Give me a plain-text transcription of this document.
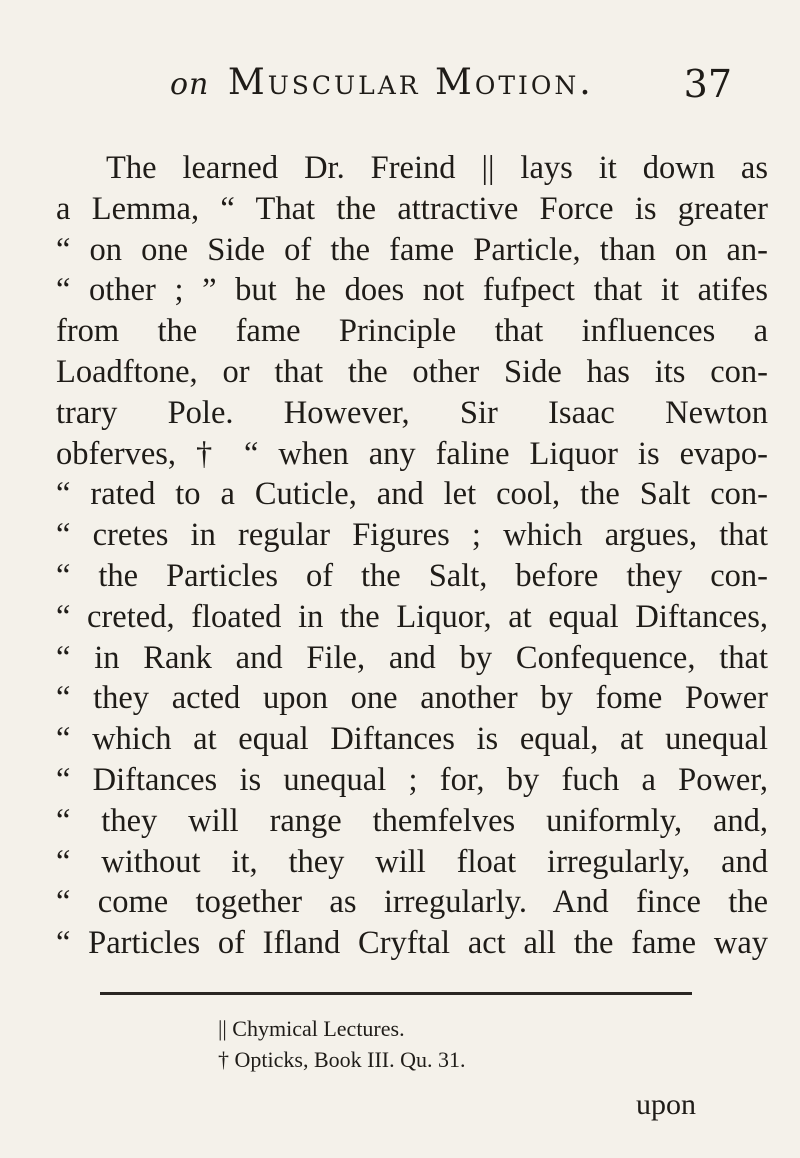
on Muscular Motion.	37
The learned Dr. Freind || lays it down as
a Lemma, “ That the attractive Force is greater
“ on one Side of the fame Particle, than on an-
“ other ; ” but he does not fufpect that it atifes
from the fame Principle that influences a
Loadftone, or that the other Side has its con-
trary Pole. However, Sir Isaac Newton
obferves, † “ when any faline Liquor is evapo-
“ rated to a Cuticle, and let cool, the Salt con-
“ cretes in regular Figures ; which argues, that
“ the Particles of the Salt, before they con-
“ creted, floated in the Liquor, at equal Diftances,
“ in Rank and File, and by Confequence, that
“ they acted upon one another by fome Power
“ which at equal Diftances is equal, at unequal
“ Diftances is unequal ; for, by fuch a Power,
“ they will range themfelves uniformly, and,
“ without it, they will float irregularly, and
“ come together as irregularly. And fince the
“ Particles of Ifland Cryftal act all the fame way
|| Chymical Lectures.
† Opticks, Book III. Qu. 31.
upon
